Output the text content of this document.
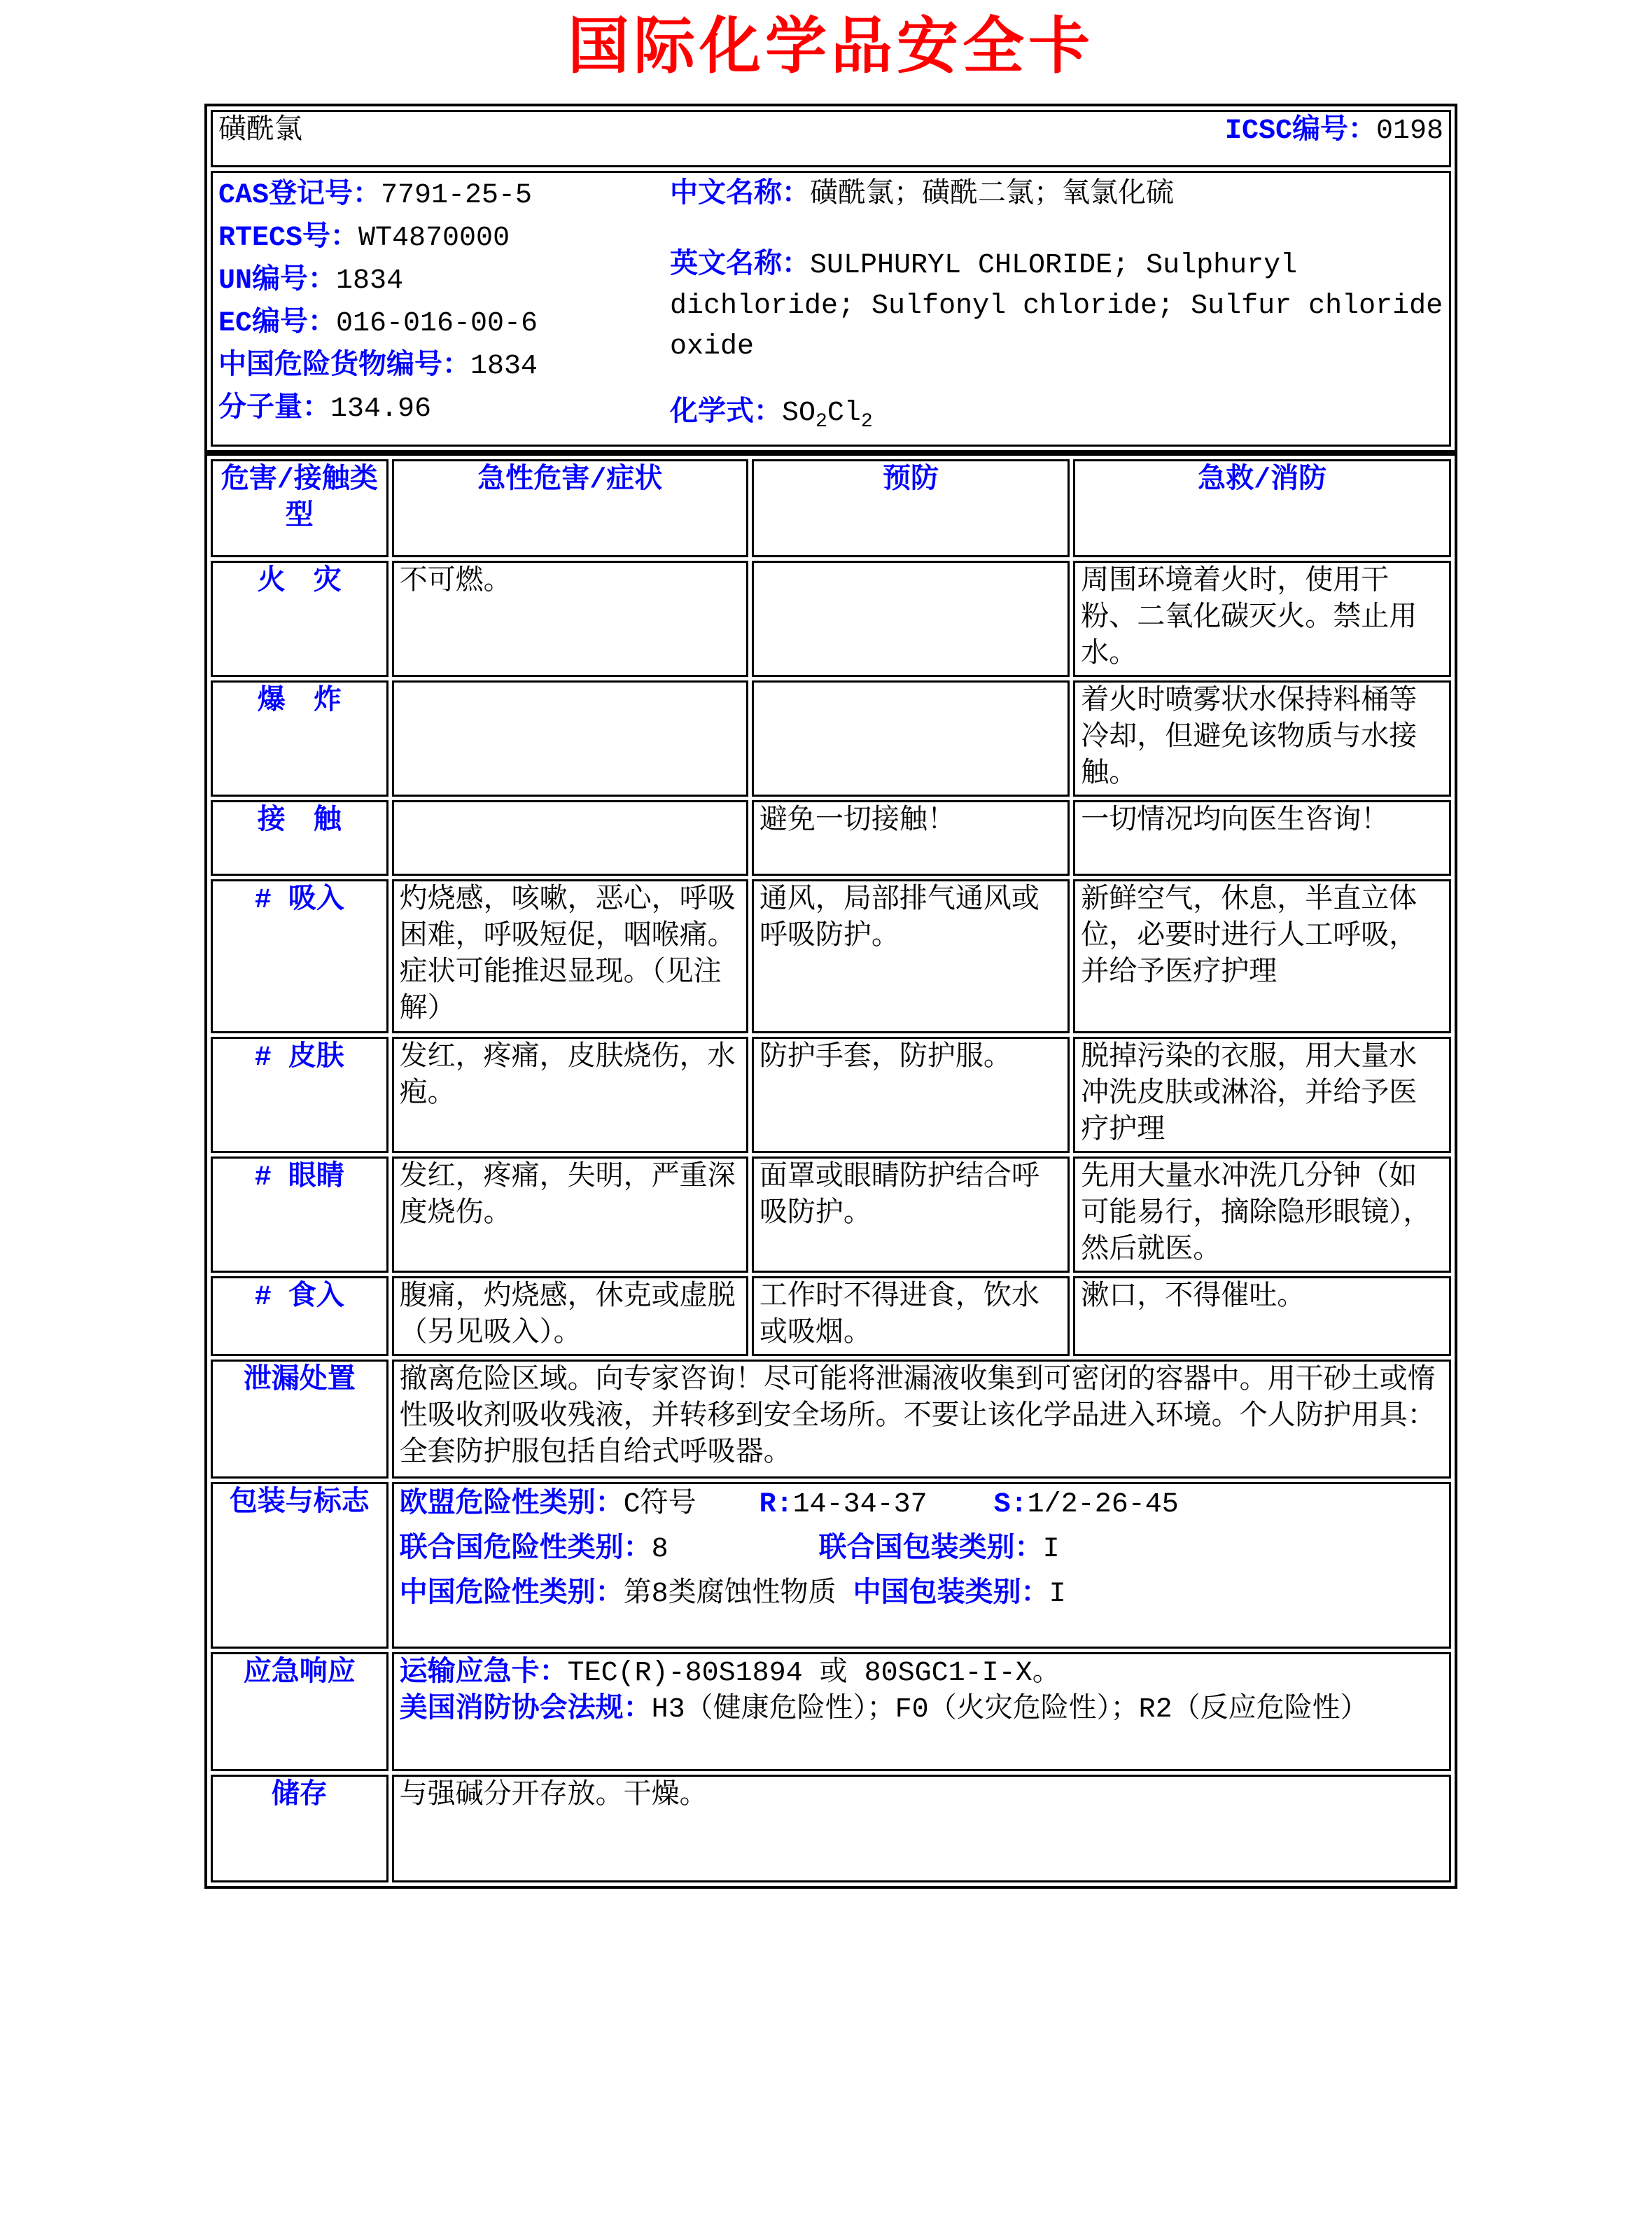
国际化学品安全卡
磺酰氯	ICSC编号：0198

CAS登记号：7791-25-5
RTECS号：WT4870000
UN编号：1834
EC编号：016-016-00-6
中国危险货物编号：1834
分子量：134.96
中文名称：磺酰氯；磺酰二氯；氧氯化硫
英文名称：SULPHURYL CHLORIDE; Sulphuryl dichloride; Sulfonyl chloride; Sulfur chloride oxide
化学式：$SO_2Cl_2$
危害/接触类型	急性危害/症状	预防	急救/消防
火　灾	不可燃。		周围环境着火时，使用干粉、二氧化碳灭火。禁止用水。
爆　炸			着火时喷雾状水保持料桶等冷却，但避免该物质与水接触。
接　触		避免一切接触！	一切情况均向医生咨询！
# 吸入	灼烧感，咳嗽，恶心，呼吸困难，呼吸短促，咽喉痛。症状可能推迟显现。（见注解）	通风，局部排气通风或呼吸防护。	新鲜空气，休息，半直立体位，必要时进行人工呼吸，并给予医疗护理
# 皮肤	发红，疼痛，皮肤烧伤，水疱。	防护手套，防护服。	脱掉污染的衣服，用大量水冲洗皮肤或淋浴，并给予医疗护理
# 眼睛	发红，疼痛，失明，严重深度烧伤。	面罩或眼睛防护结合呼吸防护。	先用大量水冲洗几分钟（如可能易行，摘除隐形眼镜），然后就医。
# 食入	腹痛，灼烧感，休克或虚脱（另见吸入）。	工作时不得进食，饮水或吸烟。	漱口，不得催吐。
泄漏处置	撤离危险区域。向专家咨询！尽可能将泄漏液收集到可密闭的容器中。用干砂土或惰性吸收剂吸收残液，并转移到安全场所。不要让该化学品进入环境。个人防护用具：全套防护服包括自给式呼吸器。		
包装与标志	欧盟危险性类别：C符号 R:14-34-37 S:1/2-26-45
联合国危险性类别：8 联合国包装类别：I
中国危险性类别：第8类腐蚀性物质 中国包装类别：I		

应急响应	运输应急卡：TEC(R)-80S1894 或 80SGC1-I-X。
美国消防协会法规：H3（健康危险性）；F0（火灾危险性）；R2（反应危险性）		

储存	与强碱分开存放。干燥。		
